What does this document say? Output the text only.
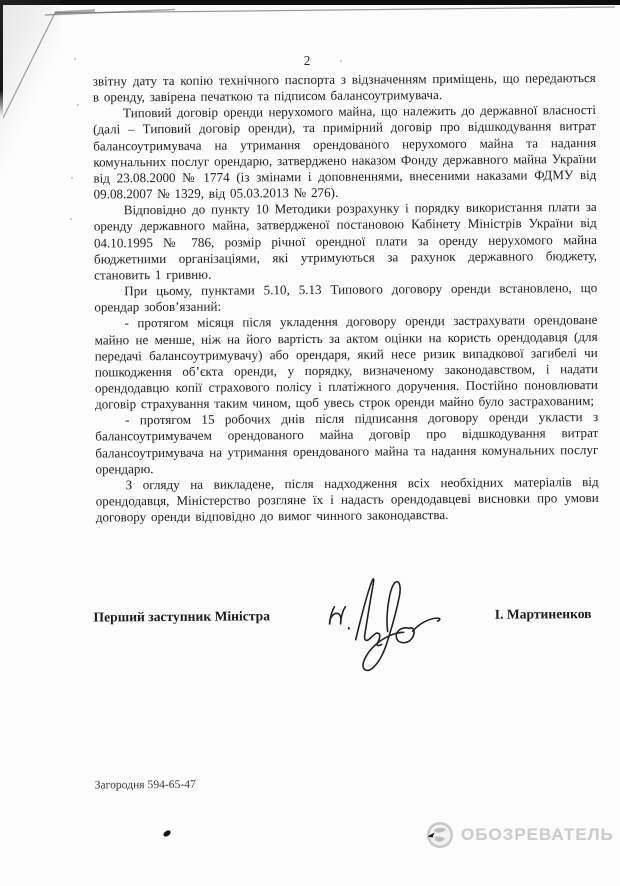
2

звітну дату та копію технічного паспорта з відзначенням приміщень, що передаються в оренду, завірена печаткою та підписом балансоутримувача.

Типовий договір оренди нерухомого майна, що належить до державної власності (далі – Типовий договір оренди), та примірний договір про відшкодування витрат балансоутримувача на утримання орендованого нерухомого майна та надання комунальних послуг орендарю, затверджено наказом Фонду державного майна України від 23.08.2000 № 1774 (із змінами і доповненнями, внесеними наказами ФДМУ від 09.08.2007 № 1329, від 05.03.2013 № 276).

Відповідно до пункту 10 Методики розрахунку і порядку використання плати за оренду державного майна, затвердженої постановою Кабінету Міністрів України від 04.10.1995 № 786, розмір річної орендної плати за оренду нерухомого майна бюджетними організаціями, які утримуються за рахунок державного бюджету, становить 1 гривню.

При цьому, пунктами 5.10, 5.13 Типового договору оренди встановлено, що орендар зобов’язаний:

- протягом місяця після укладення договору оренди застрахувати орендоване майно не менше, ніж на його вартість за актом оцінки на користь орендодавця (для передачі балансоутримувачу) або орендаря, який несе ризик випадкової загибелі чи пошкодження об’єкта оренди, у порядку, визначеному законодавством, і надати орендодавцю копії страхового полісу і платіжного доручення. Постійно поновлювати договір страхування таким чином, щоб увесь строк оренди майно було застрахованим;

- протягом 15 робочих днів після підписання договору оренди укласти з балансоутримувачем орендованого майна договір про відшкодування витрат балансоутримувача на утримання орендованого майна та надання комунальних послуг орендарю.

З огляду на викладене, після надходження всіх необхідних матеріалів від орендодавця, Міністерство розгляне їх і надасть орендодавцеві висновки про умови договору оренди відповідно до вимог чинного законодавства.

Перший заступник Міністра	І. Мартиненков
Загородня 594-65-47
ОБОЗРЕВАТЕЛЬ
